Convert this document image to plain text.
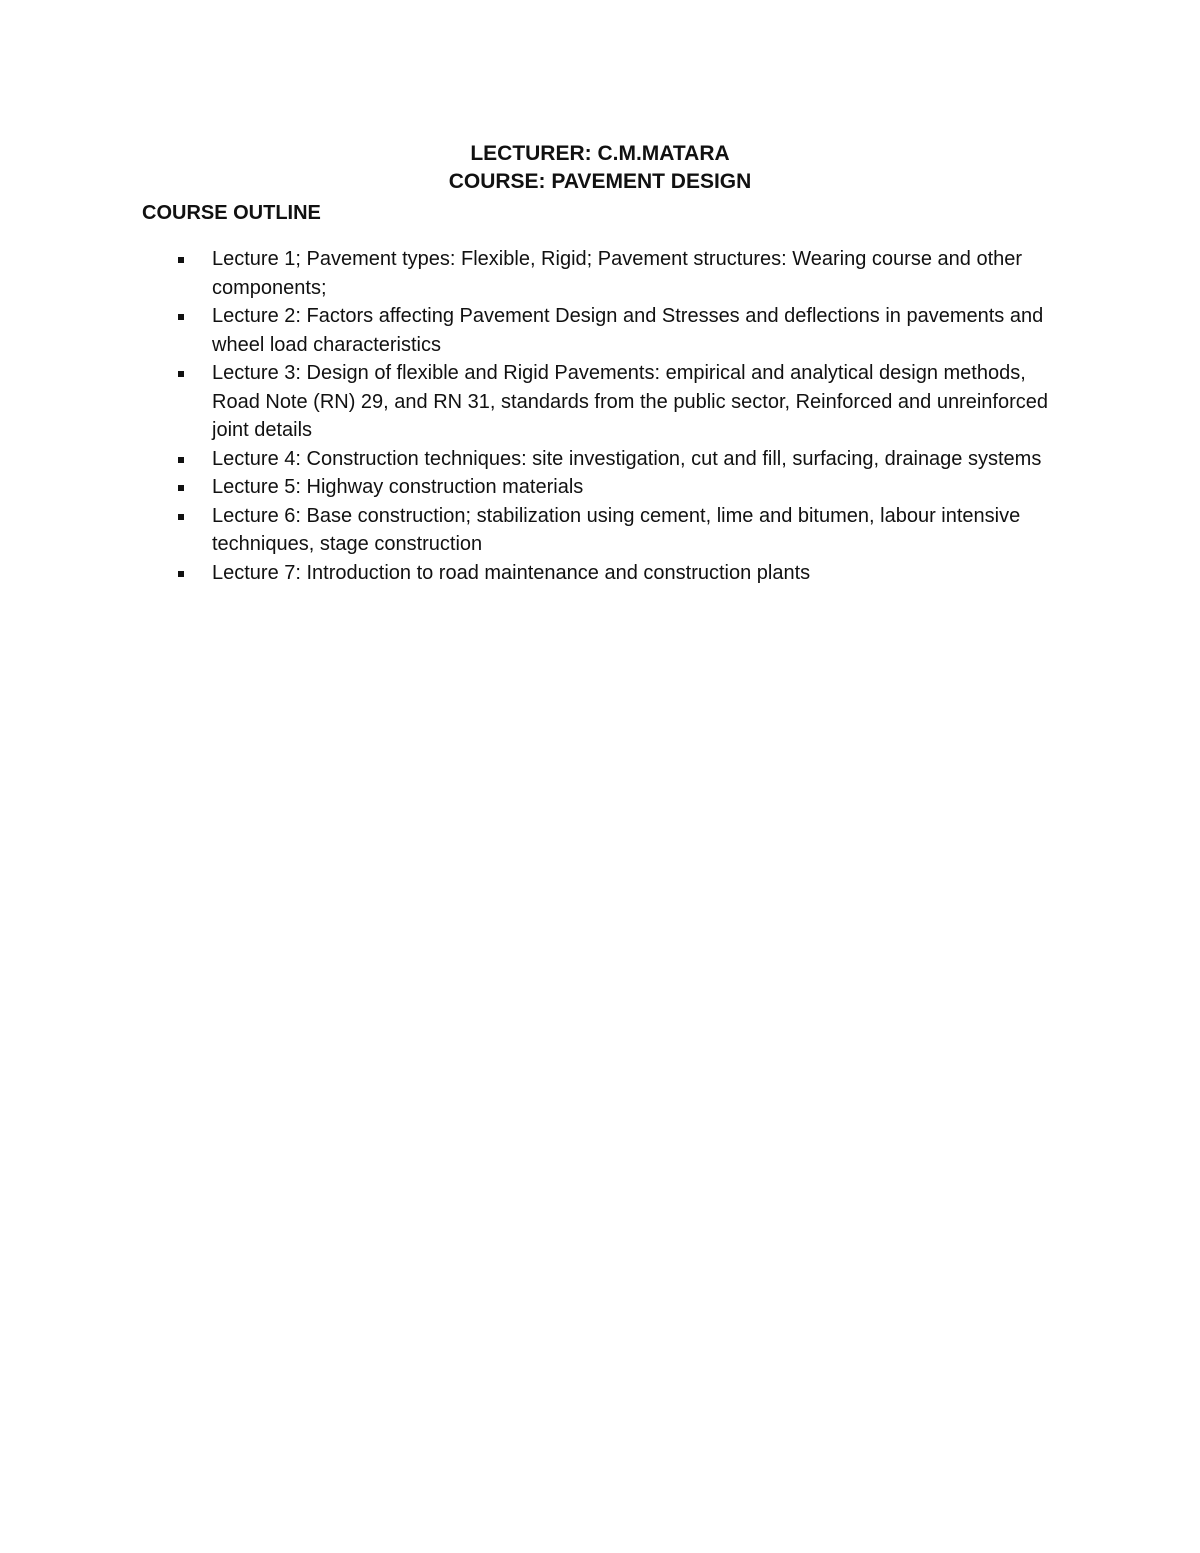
LECTURER: C.M.MATARA
COURSE: PAVEMENT DESIGN
COURSE OUTLINE
Lecture 1; Pavement types: Flexible, Rigid; Pavement structures: Wearing course and other components;
Lecture 2: Factors affecting Pavement Design and Stresses and deflections in pavements and wheel load characteristics
Lecture 3: Design of flexible and Rigid Pavements: empirical and analytical design methods, Road Note (RN) 29, and RN 31, standards from the public sector, Reinforced and unreinforced joint details
Lecture 4: Construction techniques: site investigation, cut and fill, surfacing, drainage systems
Lecture 5: Highway construction materials
Lecture 6: Base construction; stabilization using cement, lime and bitumen, labour intensive techniques, stage construction
Lecture 7: Introduction to road maintenance and construction plants
